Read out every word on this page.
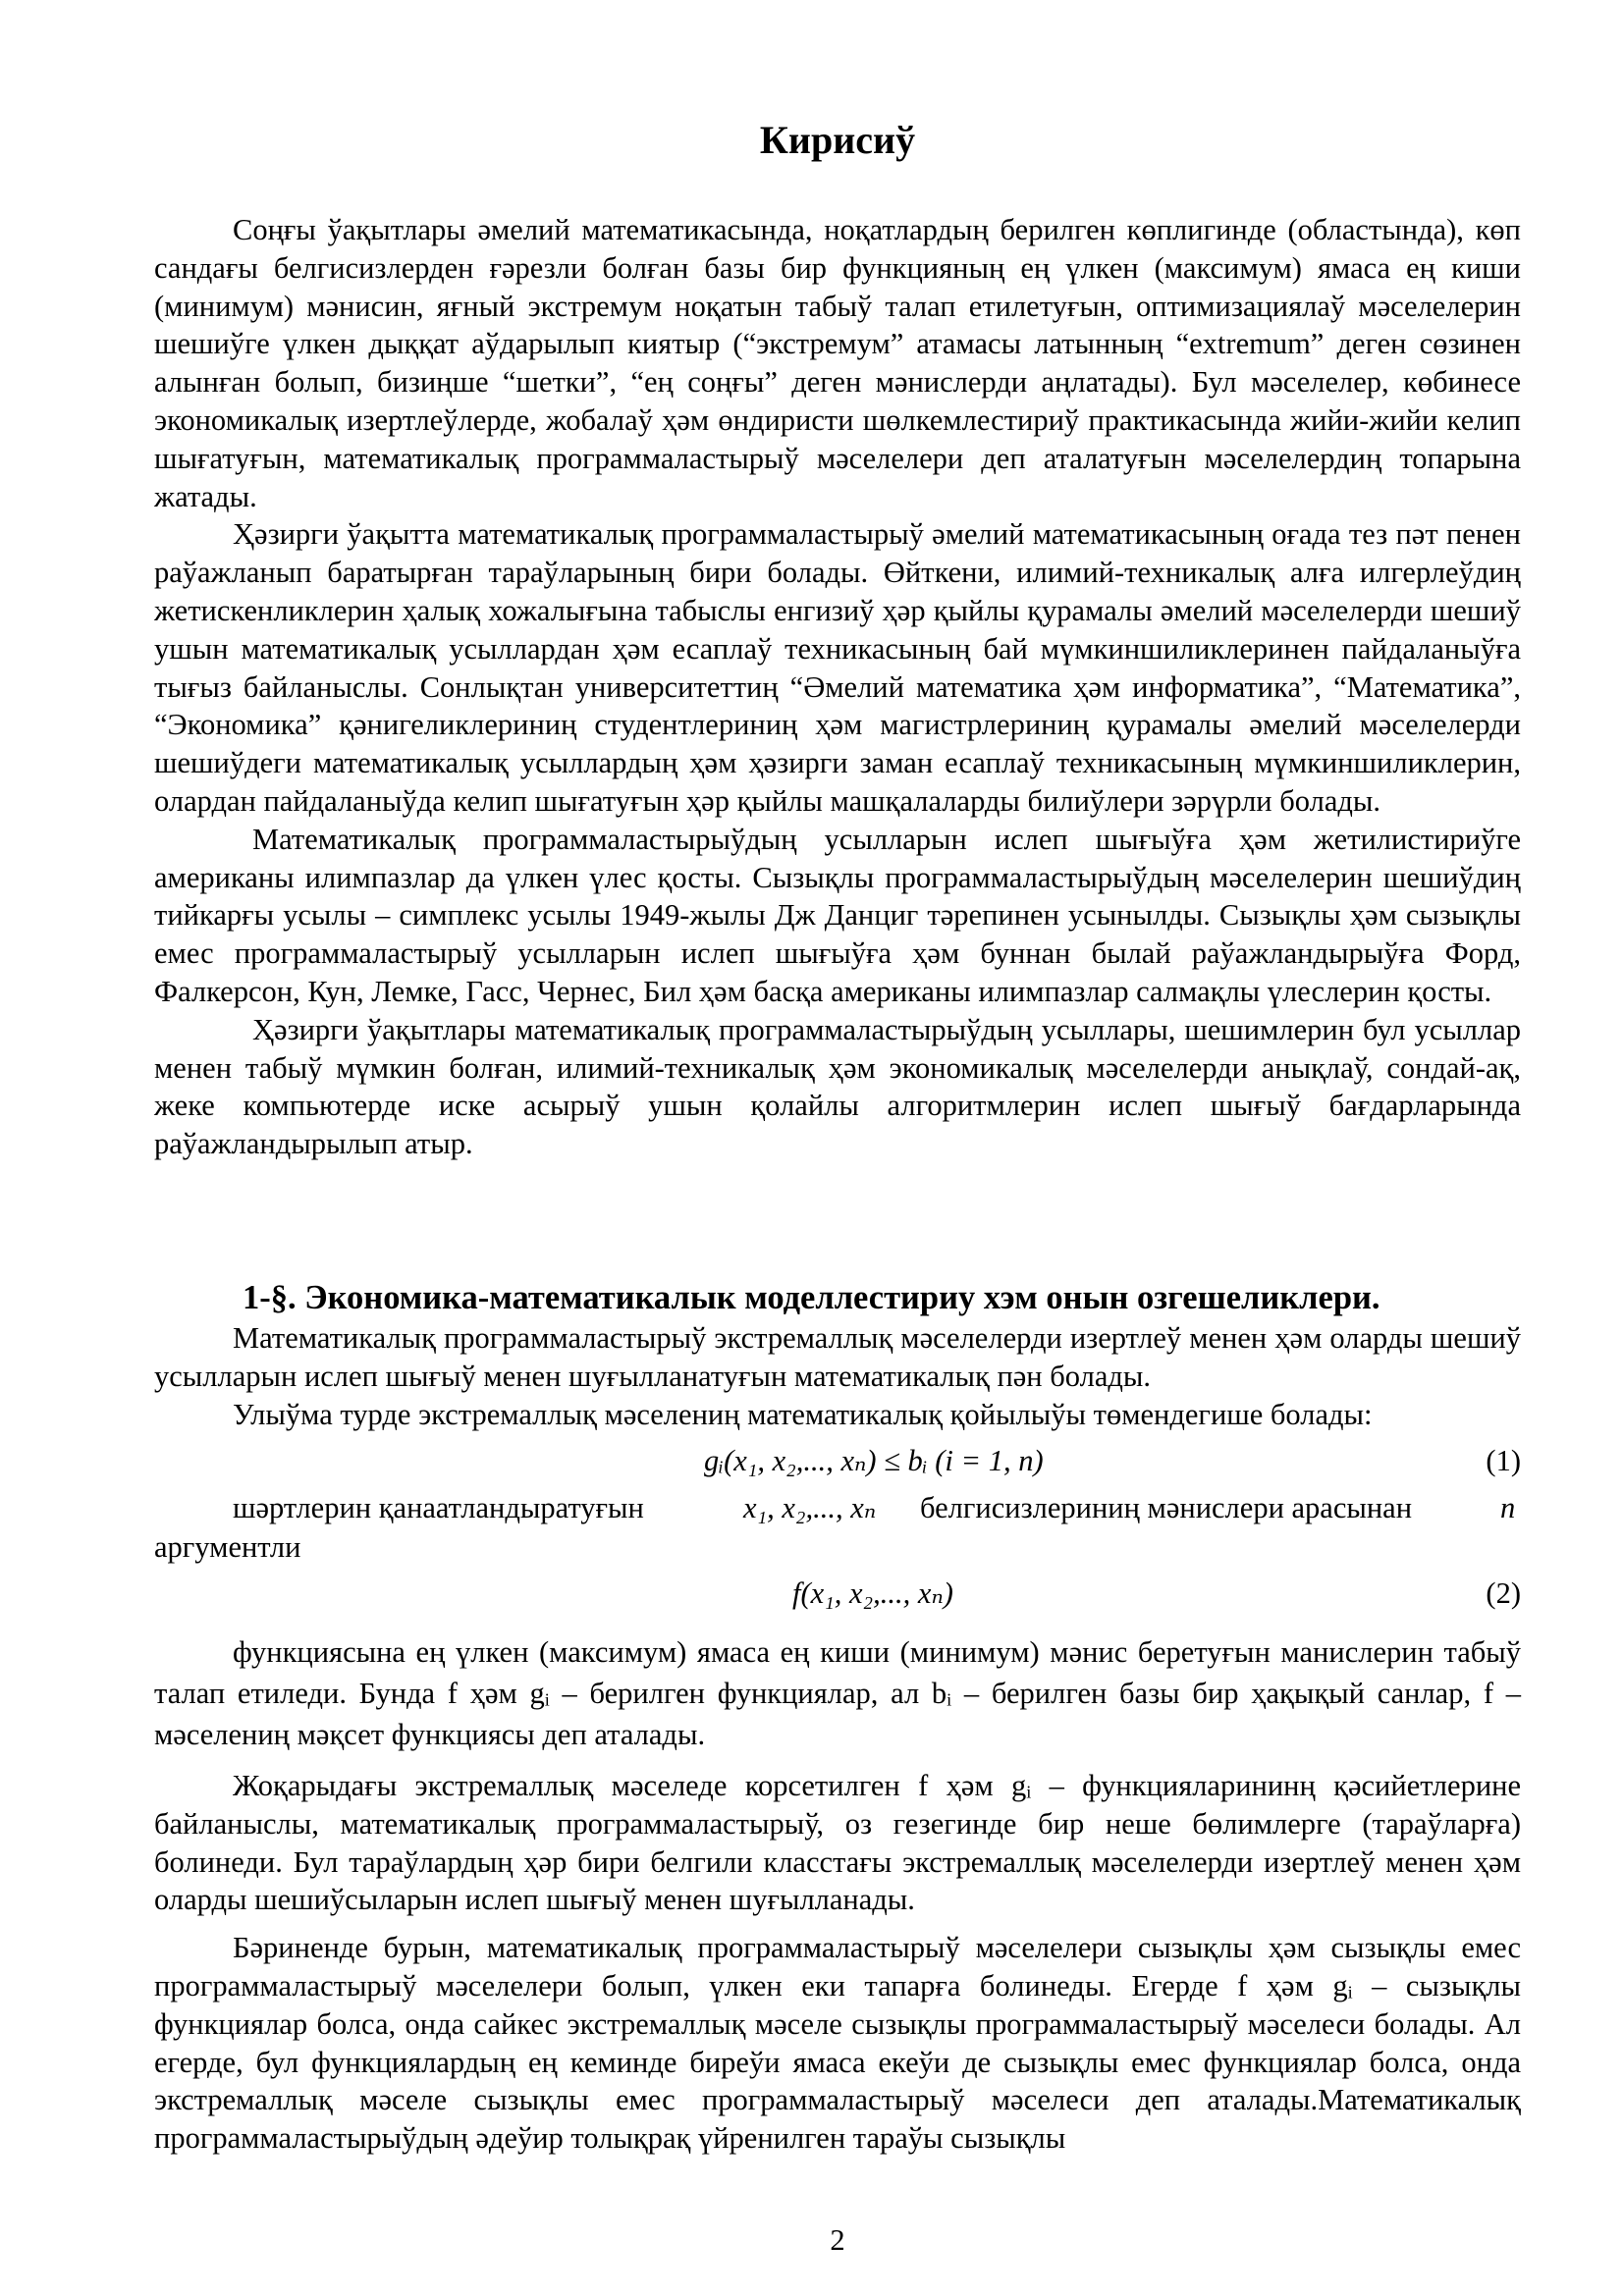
Кирисиў

Соңғы ўақытлары әмелий математикасында, ноқатлардың берилген көплигинде (областында), көп сандағы белгисизлерден ғәрезли болған базы бир функцияның ең үлкен (максимум) ямаса ең киши (минимум) мәнисин, яғный экстремум ноқатын табыў талап етилетуғын, оптимизациялаў мәселелерин шешиўге үлкен дыққат аўдарылып киятыр (“экстремум” атамасы латынның “extremum” деген сөзинен алынған болып, бизиңше “шетки”, “ең соңғы” деген мәнислерди аңлатады). Бул мәселелер, көбинесе экономикалық изертлеўлерде, жобалаў ҳәм өндиристи шөлкемлестириў практикасында жийи-жийи келип шығатуғын, математикалық программаластырыў мәселелери деп аталатуғын мәселелердиң топарына жатады.

Ҳәзирги ўақытта математикалық программаластырыў әмелий математикасының оғада тез пәт пенен раўажланып баратырған тараўларының бири болады. Өйткени, илимий-техникалық алға илгерлеўдиң жетискенликлерин ҳалық хожалығына табыслы енгизиў ҳәр қыйлы қурамалы әмелий мәселелерди шешиў ушын математикалық усыллардан ҳәм есаплаў техникасының бай мүмкиншиликлеринен пайдаланыўға тығыз байланыслы. Сонлықтан университеттиң “Әмелий математика ҳәм информатика”, “Математика”, “Экономика” қәнигеликлериниң студентлериниң ҳәм магистрлериниң қурамалы әмелий мәселелерди шешиўдеги математикалық усыллардың ҳәм ҳәзирги заман есаплаў техникасының мүмкиншиликлерин, олардан пайдаланыўда келип шығатуғын ҳәр қыйлы машқалаларды билиўлери зәрүрли болады.

Математикалық программаластырыўдың усылларын ислеп шығыўға ҳәм жетилистириўге американы илимпазлар да үлкен үлес қосты. Сызықлы программаластырыўдың мәселелерин шешиўдиң тийкарғы усылы – симплекс усылы 1949-жылы Дж Данциг тәрепинен усынылды. Сызықлы ҳәм сызықлы емес программаластырыў усылларын ислеп шығыўға ҳәм буннан былай раўажландырыўға Форд, Фалкерсон, Кун, Лемке, Гасс, Чернес, Бил ҳәм басқа американы илимпазлар салмақлы үлеслерин қосты.

Ҳәзирги ўақытлары математикалық программаластырыўдың усыллары, шешимлерин бул усыллар менен табыў мүмкин болған, илимий-техникалық ҳәм экономикалық мәселелерди анықлаў, сондай-ақ, жеке компьютерде иске асырыў ушын қолайлы алгоритмлерин ислеп шығыў бағдарларында раўажландырылып атыр.

1-§. Экономика-математикалык моделлестириу хэм онын озгешеликлери.

Математикалық программаластырыў экстремаллық мәселелерди изертлеў менен ҳәм оларды шешиў усылларын ислеп шығыў менен шуғылланатуғын математикалық пән болады.

Улыўма турде экстремаллық мәселениң математикалық қойылыўы төмендегише болады:

gᵢ(x₁, x₂,..., xₙ) ≤ bᵢ (i = 1, n)	(1)
шәртлерин қанаатландыратуғын	x₁, x₂,..., xₙ белгисизлериниң мәнислери арасынан	n
аргументли
f(x₁, x₂,..., xₙ)	(2)

функциясына ең үлкен (максимум) ямаса ең киши (минимум) мәнис беретуғын манислерин табыў талап етиледи. Бунда f ҳәм gᵢ – берилген функциялар, ал bᵢ – берилген базы бир ҳақықый санлар, f – мәселениң мәқсет функциясы деп аталады.

Жоқарыдағы экстремаллық мәселеде корсетилген f ҳәм gᵢ – функцияларининң қәсийетлерине байланыслы, математикалық программаластырыў, оз гезегинде бир неше бөлимлерге (тараўларға) болинеди. Бул тараўлардың ҳәр бири белгили класстағы экстремаллық мәселелерди изертлеў менен ҳәм оларды шешиўсыларын ислеп шығыў менен шуғылланады.

Бәриненде бурын, математикалық программаластырыў мәселелери сызықлы ҳәм сызықлы емес программаластырыў мәселелери болып, үлкен еки тапарға болинеды. Егерде f ҳәм gᵢ – сызықлы функциялар болса, онда сайкес экстремаллық мәселе сызықлы программаластырыў мәселеси болады. Ал егерде, бул функциялардың ең кеминде биреўи ямаса екеўи де сызықлы емес функциялар болса, онда экстремаллық мәселе сызықлы емес программаластырыў мәселеси деп аталады.Математикалық программаластырыўдың әдеўир толықрақ үйренилген тараўы сызықлы

2
